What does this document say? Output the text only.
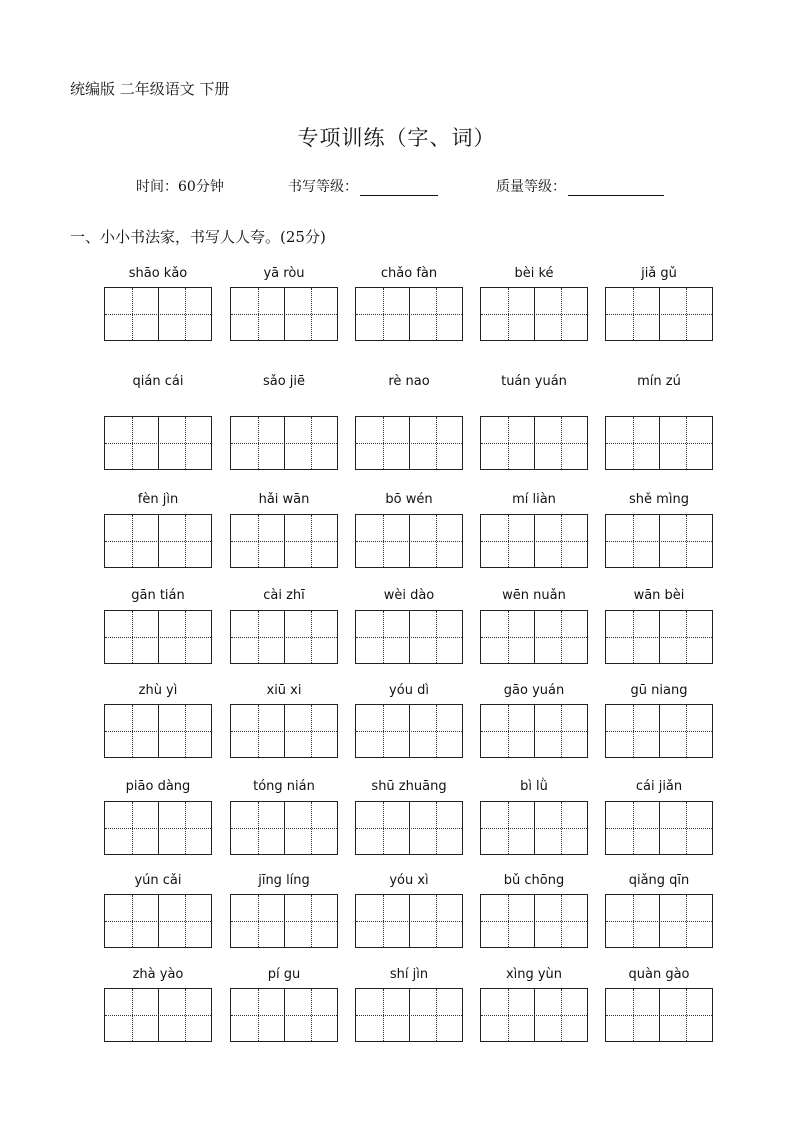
统编版 二年级语文 下册
专项训练（字、词）
时间：60分钟	书写等级：	质量等级：
一、小小书法家，书写人人夸。(25分)
shāo kǎo	yā ròu	chǎo fàn	bèi ké	jiǎ gǔ
qián cái	sǎo jiē	rè nao	tuán yuán	mín zú
fèn jìn	hǎi wān	bō wén	mí liàn	shě mìng
gān tián	cài zhī	wèi dào	wēn nuǎn	wān bèi
zhù yì	xiū xi	yóu dì	gāo yuán	gū niang
piāo dàng	tóng nián	shū zhuāng	bì lǜ	cái jiǎn
yún cǎi	jīng líng	yóu xì	bǔ chōng	qiǎng qīn
zhà yào	pí gu	shí jìn	xìng yùn	quàn gào
